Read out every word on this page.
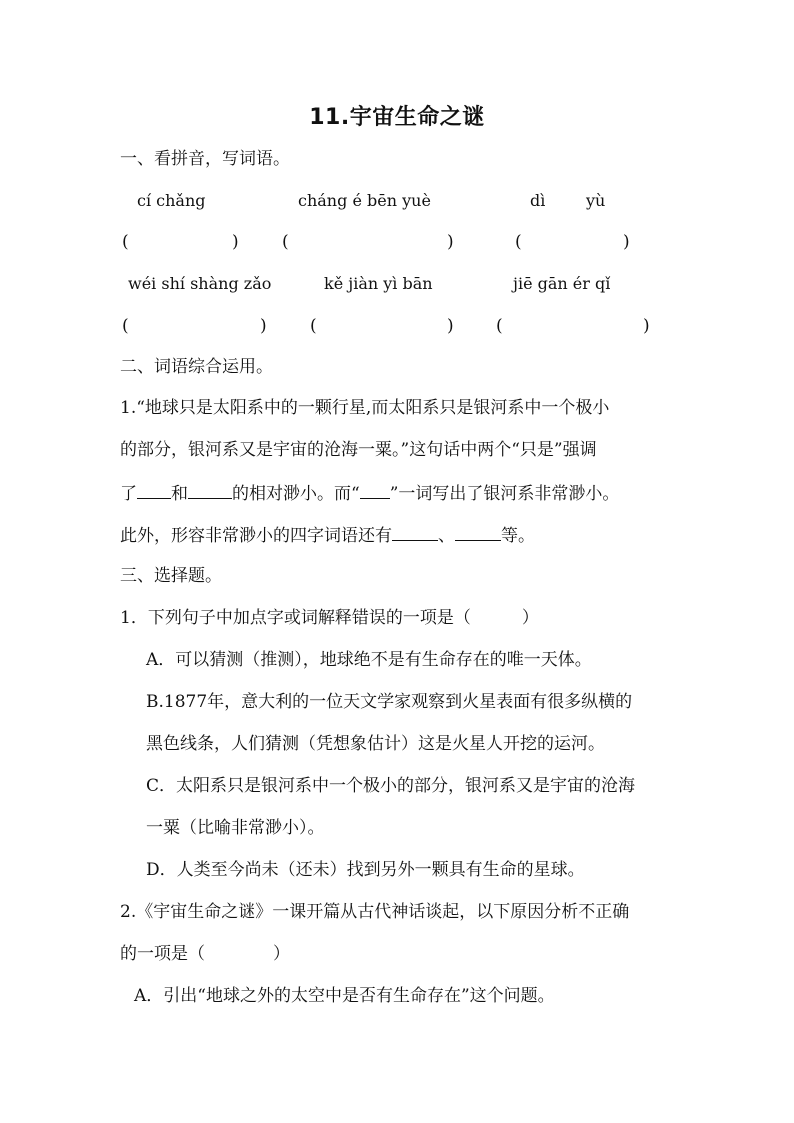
11.宇宙生命之谜
一、看拼音，写词语。
cí chǎng	cháng é bēn yuè	dì	yù
(	)	(	)	(	)
wéi shí shàng zǎo	kě jiàn yì bān	jiē gān ér qǐ
(	)	(	) (	)
二、词语综合运用。
1.“地球只是太阳系中的一颗行星,而太阳系只是银河系中一个极小
的部分，银河系又是宇宙的沧海一粟。”这句话中两个“只是”强调
了 和	的相对渺小。而“ ”一词写出了银河系非常渺小。
此外，形容非常渺小的四字词语还有	、	等。
三、选择题。
1．下列句子中加点字或词解释错误的一项是（　　　）
A．可以猜测（推测），地球绝不是有生命存在的唯一天体。
B.1877年，意大利的一位天文学家观察到火星表面有很多纵横的
黑色线条，人们猜测（凭想象估计）这是火星人开挖的运河。
C．太阳系只是银河系中一个极小的部分，银河系又是宇宙的沧海
一粟（比喻非常渺小）。
D．人类至今尚未（还未）找到另外一颗具有生命的星球。
2.《宇宙生命之谜》一课开篇从古代神话谈起，以下原因分析不正确
的一项是（　　　　）
A．引出“地球之外的太空中是否有生命存在”这个问题。
